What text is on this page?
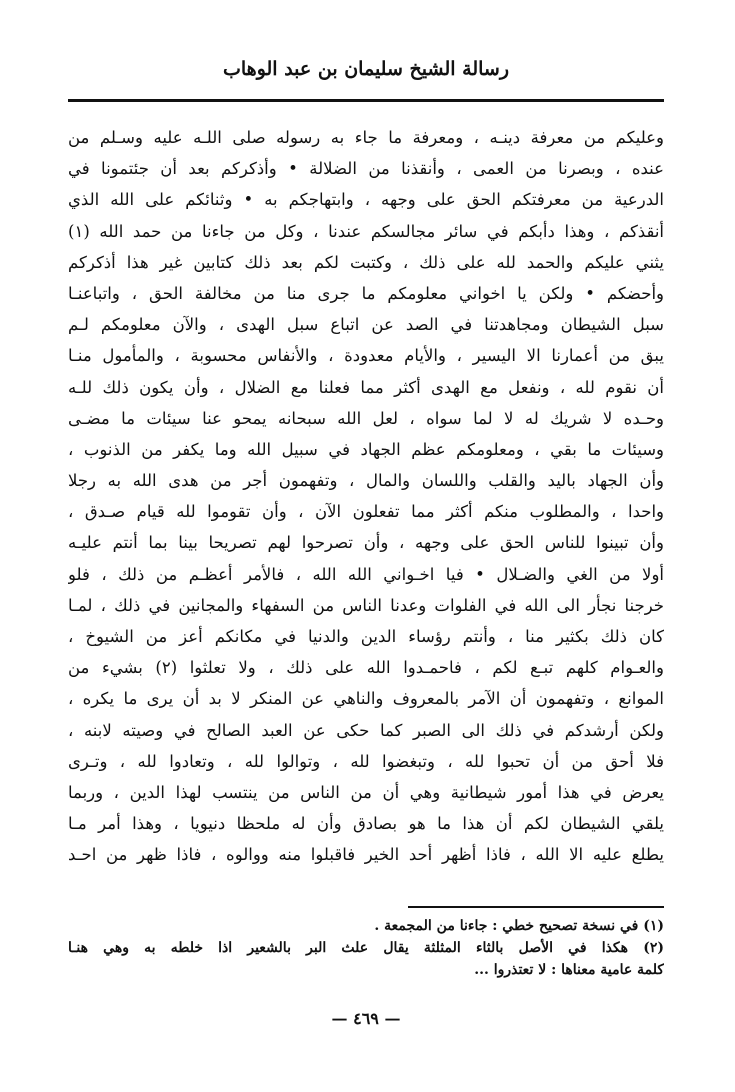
رسالة الشيخ سليمان بن عبد الوهاب
وعليكم من معرفة دينـه ، ومعرفة ما جاء به رسوله صلى اللـه عليه وسـلم من
عنده ، وبصرنا من العمى ، وأنقذنا من الضلالة • وأذكركم بعد أن جئتمونا في
الدرعية من معرفتكم الحق على وجهه ، وابتهاجكم به • وثنائكم على الله الذي
أنقذكم ، وهذا دأبكم في سائر مجالسكم عندنا ، وكل من جاءنا من حمد الله (١)
يثني عليكم والحمد لله على ذلك ، وكتبت لكم بعد ذلك كتابين غير هذا أذكركم
وأحضكم • ولكن يا اخواني معلومكم ما جرى منا من مخالفة الحق ، واتباعنـا
سبل الشيطان ومجاهدتنا في الصد عن اتباع سبل الهدى ، والآن معلومكم لـم
يبق من أعمارنا الا اليسير ، والأيام معدودة ، والأنفاس محسوبة ، والمأمول منـا
أن نقوم لله ، ونفعل مع الهدى أكثر مما فعلنا مع الضلال ، وأن يكون ذلك للـه
وحـده لا شريك له لا لما سواه ، لعل الله سبحانه يمحو عنا سيئات ما مضـى
وسيئات ما بقي ، ومعلومكم عظم الجهاد في سبيل الله وما يكفر من الذنوب ،
وأن الجهاد باليد والقلب واللسان والمال ، وتفهمون أجر من هدى الله به رجلا
واحدا ، والمطلوب منكم أكثر مما تفعلون الآن ، وأن تقوموا لله قيام صـدق ،
وأن تبينوا للناس الحق على وجهه ، وأن تصرحوا لهم تصريحا بينا بما أنتم عليـه
أولا من الغي والضـلال • فيا اخـواني الله الله ، فالأمر أعظـم من ذلك ، فلو
خرجنا نجأر الى الله في الفلوات وعدنا الناس من السفهاء والمجانين في ذلك ، لمـا
كان ذلك بكثير منا ، وأنتم رؤساء الدين والدنيا في مكانكم أعز من الشيوخ ،
والعـوام كلهم تبـع لكم ، فاحمـدوا الله على ذلك ، ولا تعلثوا (٢) بشيء من
الموانع ، وتفهمون أن الآمر بالمعروف والناهي عن المنكر لا بد أن يرى ما يكره ،
ولكن أرشدكم في ذلك الى الصبر كما حكى عن العبد الصالح في وصيته لابنه ،
فلا أحق من أن تحبوا لله ، وتبغضوا لله ، وتوالوا لله ، وتعادوا لله ، وتـرى
يعرض في هذا أمور شيطانية وهي أن من الناس من ينتسب لهذا الدين ، وربما
يلقي الشيطان لكم أن هذا ما هو بصادق وأن له ملحظا دنيويا ، وهذا أمر مـا
يطلع عليه الا الله ، فاذا أظهر أحد الخير فاقبلوا منه ووالوه ، فاذا ظهر من احـد
(١) في نسخة تصحيح خطي : جاءنا من المجمعة .
(٢) هكذا في الأصل بالثاء المثلثة يقال علث البر بالشعير اذا خلطه به وهي هنـا
كلمة عامية معناها : لا تعتذروا ...
— ٤٦٩ —
